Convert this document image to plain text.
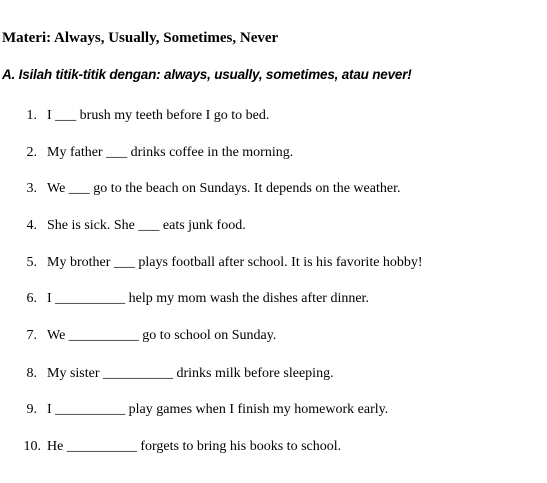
Materi: Always, Usually, Sometimes, Never
A. Isilah titik-titik dengan: always, usually, sometimes, atau never!
1. I ___ brush my teeth before I go to bed.
2. My father ___ drinks coffee in the morning.
3. We ___ go to the beach on Sundays. It depends on the weather.
4. She is sick. She ___ eats junk food.
5. My brother ___ plays football after school. It is his favorite hobby!
6. I __________ help my mom wash the dishes after dinner.
7. We __________ go to school on Sunday.
8. My sister __________ drinks milk before sleeping.
9. I __________ play games when I finish my homework early.
10. He __________ forgets to bring his books to school.
